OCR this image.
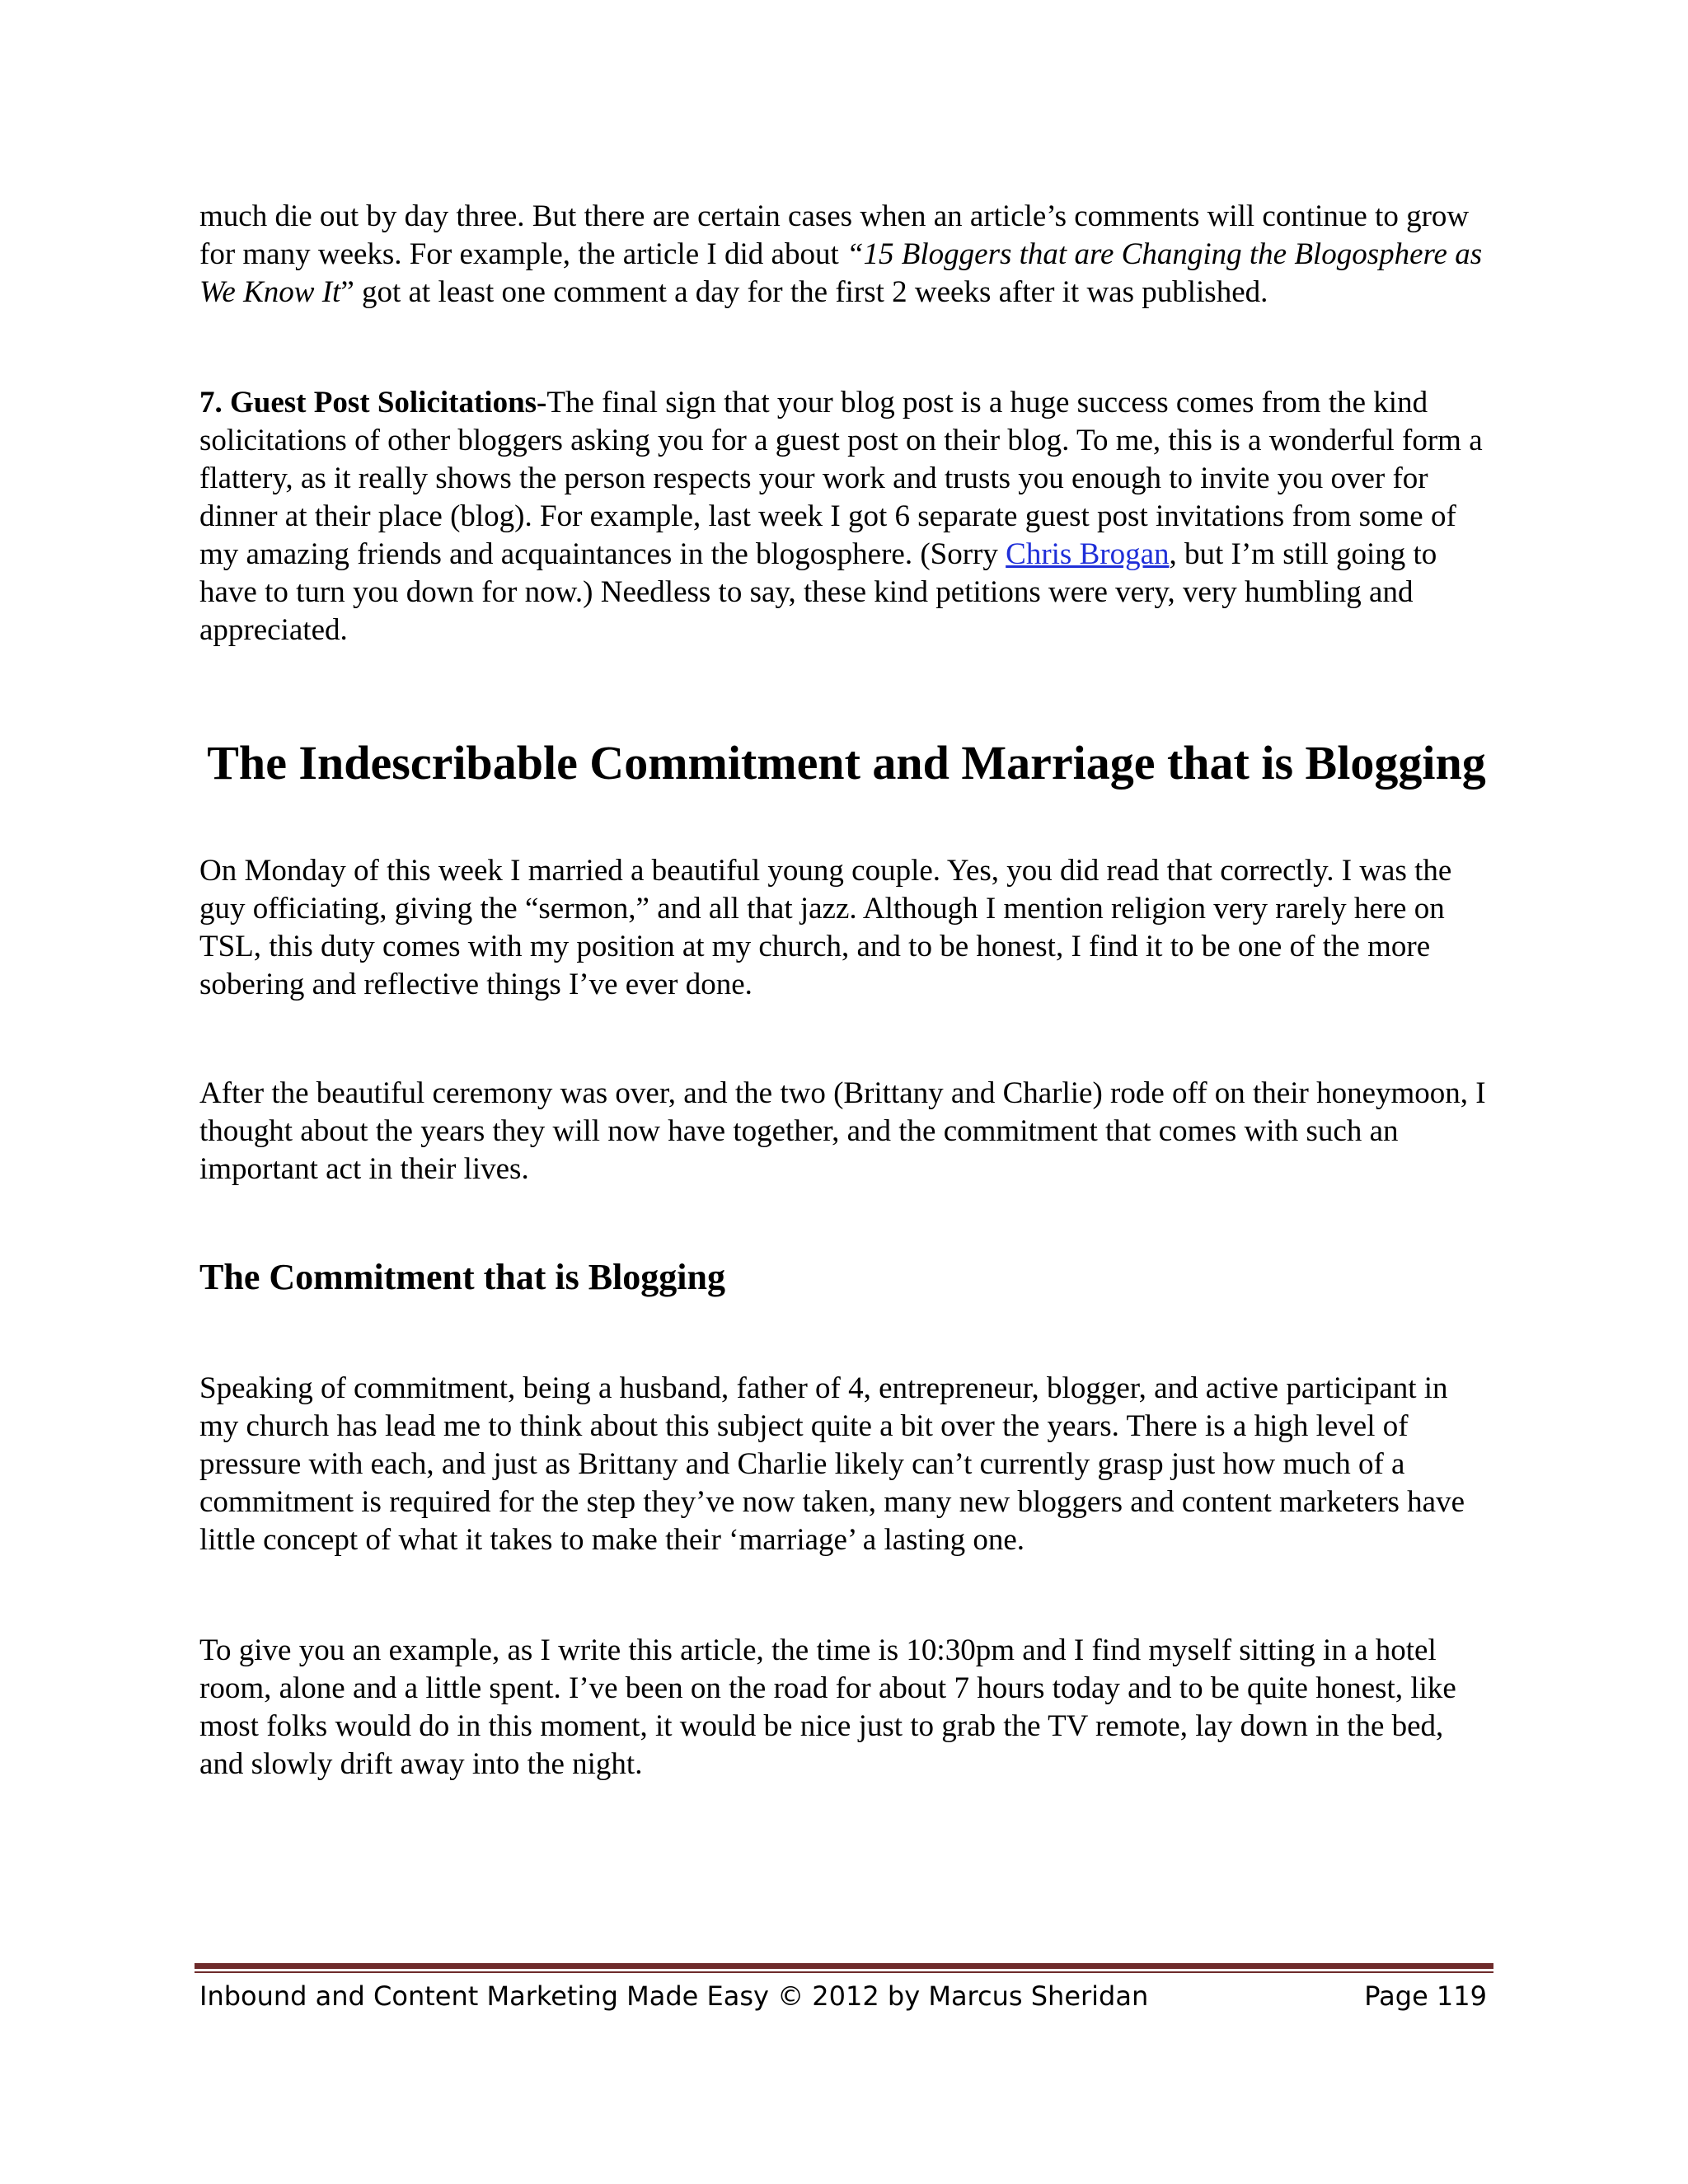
much die out by day three. But there are certain cases when an article’s comments will continue to grow for many weeks. For example, the article I did about “15 Bloggers that are Changing the Blogosphere as We Know It” got at least one comment a day for the first 2 weeks after it was published.

7. Guest Post Solicitations-The final sign that your blog post is a huge success comes from the kind solicitations of other bloggers asking you for a guest post on their blog. To me, this is a wonderful form a flattery, as it really shows the person respects your work and trusts you enough to invite you over for dinner at their place (blog). For example, last week I got 6 separate guest post invitations from some of my amazing friends and acquaintances in the blogosphere. (Sorry Chris Brogan, but I’m still going to have to turn you down for now.) Needless to say, these kind petitions were very, very humbling and appreciated.

The Indescribable Commitment and Marriage that is Blogging

On Monday of this week I married a beautiful young couple. Yes, you did read that correctly. I was the guy officiating, giving the “sermon,” and all that jazz. Although I mention religion very rarely here on TSL, this duty comes with my position at my church, and to be honest, I find it to be one of the more sobering and reflective things I’ve ever done.

After the beautiful ceremony was over, and the two (Brittany and Charlie) rode off on their honeymoon, I thought about the years they will now have together, and the commitment that comes with such an important act in their lives.

The Commitment that is Blogging

Speaking of commitment, being a husband, father of 4, entrepreneur, blogger, and active participant in my church has lead me to think about this subject quite a bit over the years. There is a high level of pressure with each, and just as Brittany and Charlie likely can’t currently grasp just how much of a commitment is required for the step they’ve now taken, many new bloggers and content marketers have little concept of what it takes to make their ‘marriage’ a lasting one.

To give you an example, as I write this article, the time is 10:30pm and I find myself sitting in a hotel room, alone and a little spent. I’ve been on the road for about 7 hours today and to be quite honest, like most folks would do in this moment, it would be nice just to grab the TV remote, lay down in the bed, and slowly drift away into the night.

Inbound and Content Marketing Made Easy © 2012 by Marcus Sheridan	Page 119
